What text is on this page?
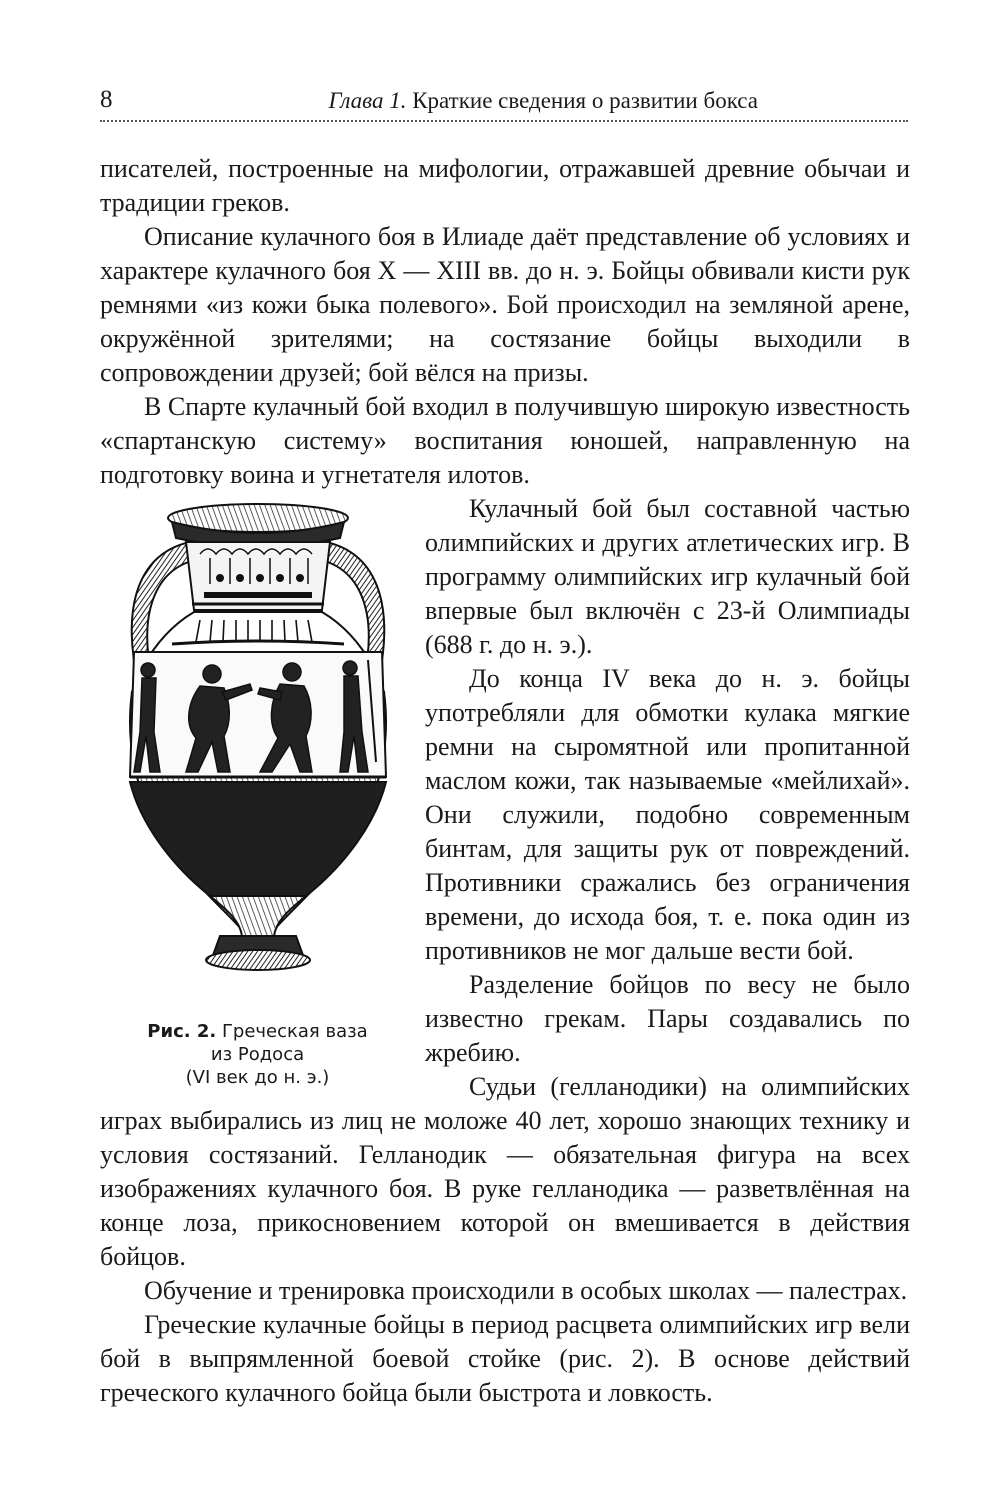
8	Глава 1. Краткие сведения о развитии бокса

писателей, построенные на мифологии, отражавшей древние обычаи и традиции греков.

Описание кулачного боя в Илиаде даёт представление об условиях и характере кулачного боя X — XIII вв. до н. э. Бойцы обвивали кисти рук ремнями «из кожи быка полевого». Бой происходил на земляной арене, окружённой зрителями; на состязание бойцы выходили в сопровождении друзей; бой вёлся на призы.

В Спарте кулачный бой входил в получившую широкую известность «спартанскую систему» воспитания юношей, направленную на подготовку воина и угнетателя илотов.

Рис. 2. Греческая ваза
из Родоса
(VI век до н. э.)

Кулачный бой был составной частью олимпийских и других атлетических игр. В программу олимпийских игр кулачный бой впервые был включён с 23-й Олимпиады (688 г. до н. э.).

До конца IV века до н. э. бойцы употребляли для обмотки кулака мягкие ремни на сыромятной или пропитанной маслом кожи, так называемые «мейлихай». Они служили, подобно современным бинтам, для защиты рук от повреждений. Противники сражались без ограничения времени, до исхода боя, т. е. пока один из противников не мог дальше вести бой.

Разделение бойцов по весу не было известно грекам. Пары создавались по жребию.

Судьи (гелланодики) на олимпийских играх выбирались из лиц не моложе 40 лет, хорошо знающих технику и условия состязаний. Гелланодик — обязательная фигура на всех изображениях кулачного боя. В руке гелланодика — разветвлённая на конце лоза, прикосновением которой он вмешивается в действия бойцов.

Обучение и тренировка происходили в особых школах — палестрах.

Греческие кулачные бойцы в период расцвета олимпийских игр вели бой в выпрямленной боевой стойке (рис. 2). В основе действий греческого кулачного бойца были быстрота и ловкость.
